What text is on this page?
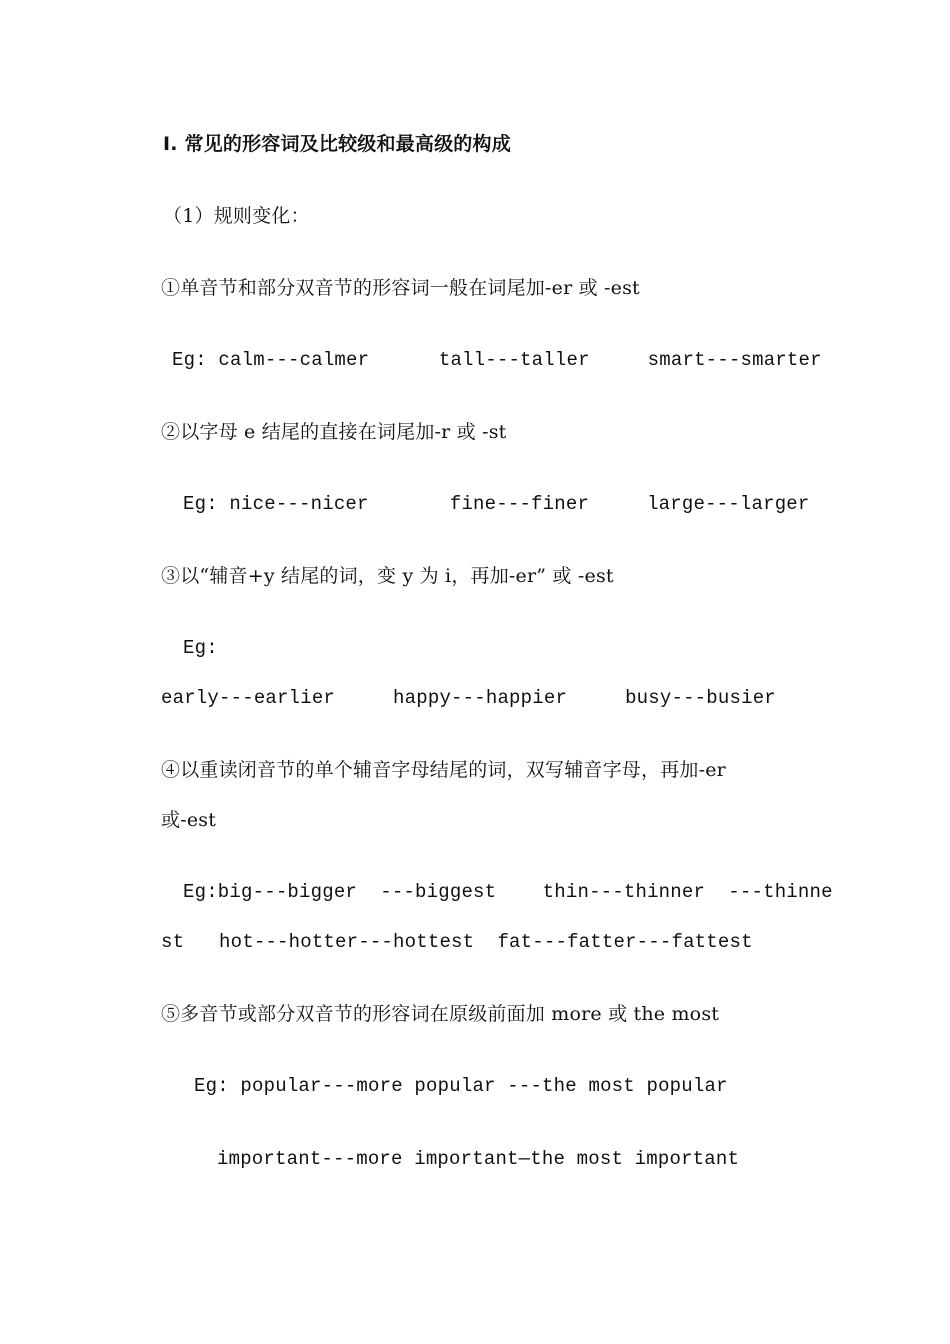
Ⅰ. 常见的形容词及比较级和最高级的构成
（1）规则变化：
①单音节和部分双音节的形容词一般在词尾加-er 或 -est
Eg: calm---calmer      tall---taller     smart---smarter
②以字母 e 结尾的直接在词尾加-r 或 -st
Eg: nice---nicer       fine---finer     large---larger
③以“辅音+y 结尾的词，变 y 为 i，再加-er” 或 -est
Eg:
early---earlier     happy---happier     busy---busier
④以重读闭音节的单个辅音字母结尾的词，双写辅音字母，再加-er
或-est
Eg:big---bigger  ---biggest    thin---thinner  ---thinne
st   hot---hotter---hottest  fat---fatter---fattest
⑤多音节或部分双音节的形容词在原级前面加 more 或 the most
Eg: popular---more popular ---the most popular
important---more important—the most important
